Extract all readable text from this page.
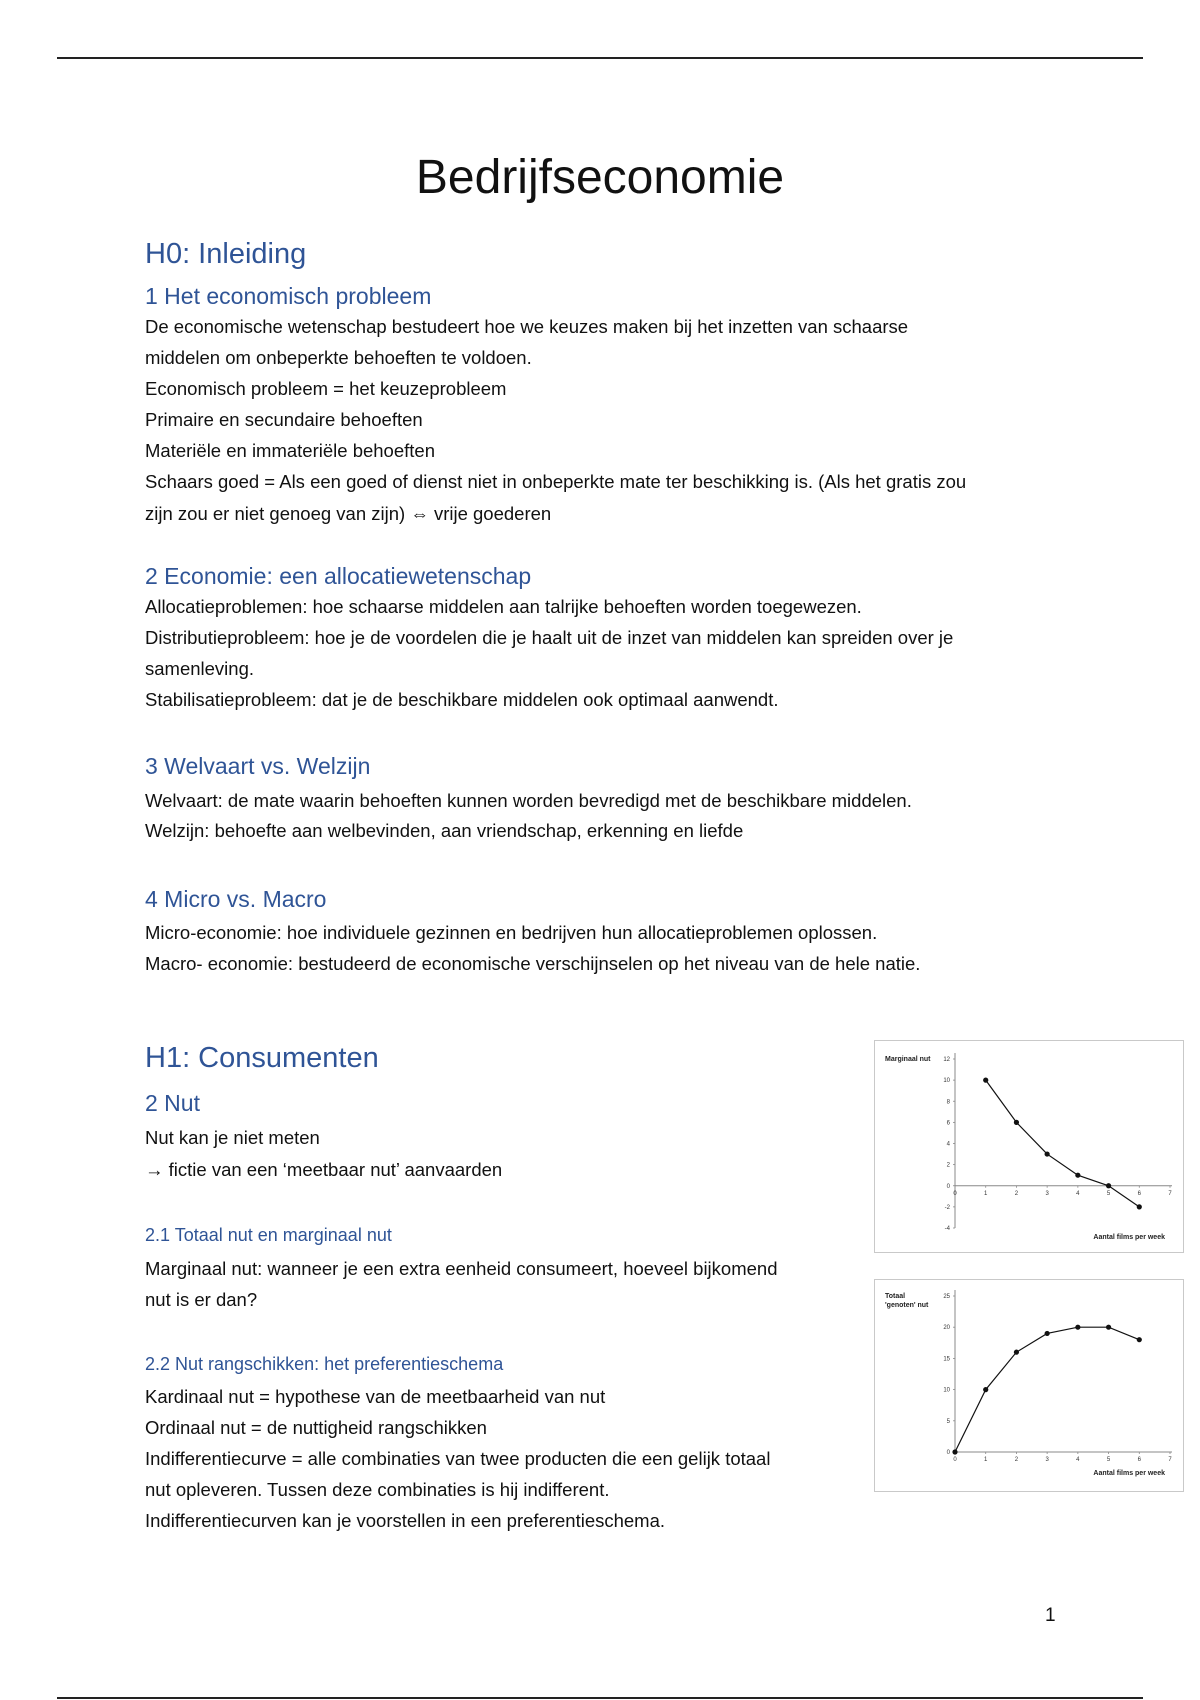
Bedrijfseconomie
H0: Inleiding
1 Het economisch probleem
De economische wetenschap bestudeert hoe we keuzes maken bij het inzetten van schaarse
middelen om onbeperkte behoeften te voldoen.
Economisch probleem = het keuzeprobleem
Primaire en secundaire behoeften
Materiële en immateriële behoeften
Schaars goed = Als een goed of dienst niet in onbeperkte mate ter beschikking is. (Als het gratis zou
zijn zou er niet genoeg van zijn) ⇔ vrije goederen
2 Economie: een allocatiewetenschap
Allocatieproblemen: hoe schaarse middelen aan talrijke behoeften worden toegewezen.
Distributieprobleem: hoe je de voordelen die je haalt uit de inzet van middelen kan spreiden over je
samenleving.
Stabilisatieprobleem: dat je de beschikbare middelen ook optimaal aanwendt.
3 Welvaart vs. Welzijn
Welvaart: de mate waarin behoeften kunnen worden bevredigd met de beschikbare middelen.
Welzijn: behoefte aan welbevinden, aan vriendschap, erkenning en liefde
4 Micro vs. Macro
Micro-economie: hoe individuele gezinnen en bedrijven hun allocatieproblemen oplossen.
Macro- economie: bestudeerd de economische verschijnselen op het niveau van de hele natie.
H1: Consumenten
2 Nut
Nut kan je niet meten
→ fictie van een ‘meetbaar nut’ aanvaarden
2.1 Totaal nut en marginaal nut
Marginaal nut: wanneer je een extra eenheid consumeert, hoeveel bijkomend
nut is er dan?
2.2 Nut rangschikken: het preferentieschema
Kardinaal nut = hypothese van de meetbaarheid van nut
Ordinaal nut = de nuttigheid rangschikken
Indifferentiecurve = alle combinaties van twee producten die een gelijk totaal
nut opleveren. Tussen deze combinaties is hij indifferent.
Indifferentiecurven kan je voorstellen in een preferentieschema.
Marginaal nut
Aantal films per week
-4
-2
0
2
4
6
8
10
12
0	1	2	3	4	5	6	7
Totaal
'genoten' nut
Aantal films per week
0
5
10
15
20
25
0	1	2	3	4	5	6	7
1
